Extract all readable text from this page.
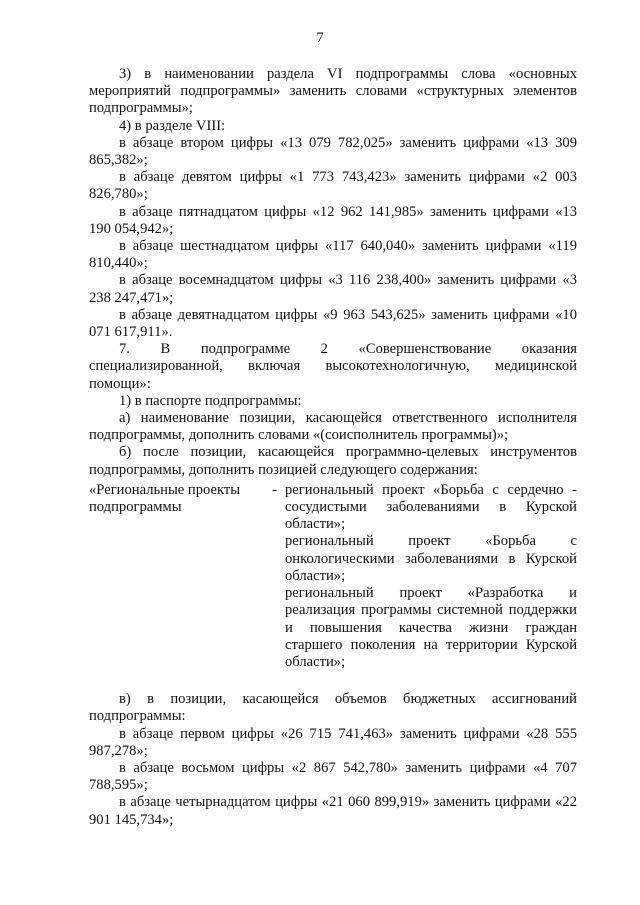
7

3) в наименовании раздела VI подпрограммы слова «основных мероприятий подпрограммы» заменить словами «структурных элементов подпрограммы»;

4) в разделе VIII:

в абзаце втором цифры «13 079 782,025» заменить цифрами «13 309 865,382»;

в абзаце девятом цифры «1 773 743,423» заменить цифрами «2 003 826,780»;

в абзаце пятнадцатом цифры «12 962 141,985» заменить цифрами «13 190 054,942»;

в абзаце шестнадцатом цифры «117 640,040» заменить цифрами «119 810,440»;

в абзаце восемнадцатом цифры «3 116 238,400» заменить цифрами «3 238 247,471»;

в абзаце девятнадцатом цифры «9 963 543,625» заменить цифрами «10 071 617,911».

7. В подпрограмме 2 «Совершенствование оказания специализированной, включая высокотехнологичную, медицинской помощи»:

1) в паспорте подпрограммы:

а) наименование позиции, касающейся ответственного исполнителя подпрограммы, дополнить словами «(соисполнитель программы)»;

б) после позиции, касающейся программно-целевых инструментов подпрограммы, дополнить позицией следующего содержания:

«Региональные проекты подпрограммы

- региональный проект «Борьба с сердечно - сосудистыми заболеваниями в Курской области»;

региональный проект «Борьба с онкологическими заболеваниями в Курской области»;

региональный проект «Разработка и реализация программы системной поддержки и повышения качества жизни граждан старшего поколения на территории Курской области»;

в) в позиции, касающейся объемов бюджетных ассигнований подпрограммы:

в абзаце первом цифры «26 715 741,463» заменить цифрами «28 555 987,278»;

в абзаце восьмом цифры «2 867 542,780» заменить цифрами «4 707 788,595»;

в абзаце четырнадцатом цифры «21 060 899,919» заменить цифрами «22 901 145,734»;
